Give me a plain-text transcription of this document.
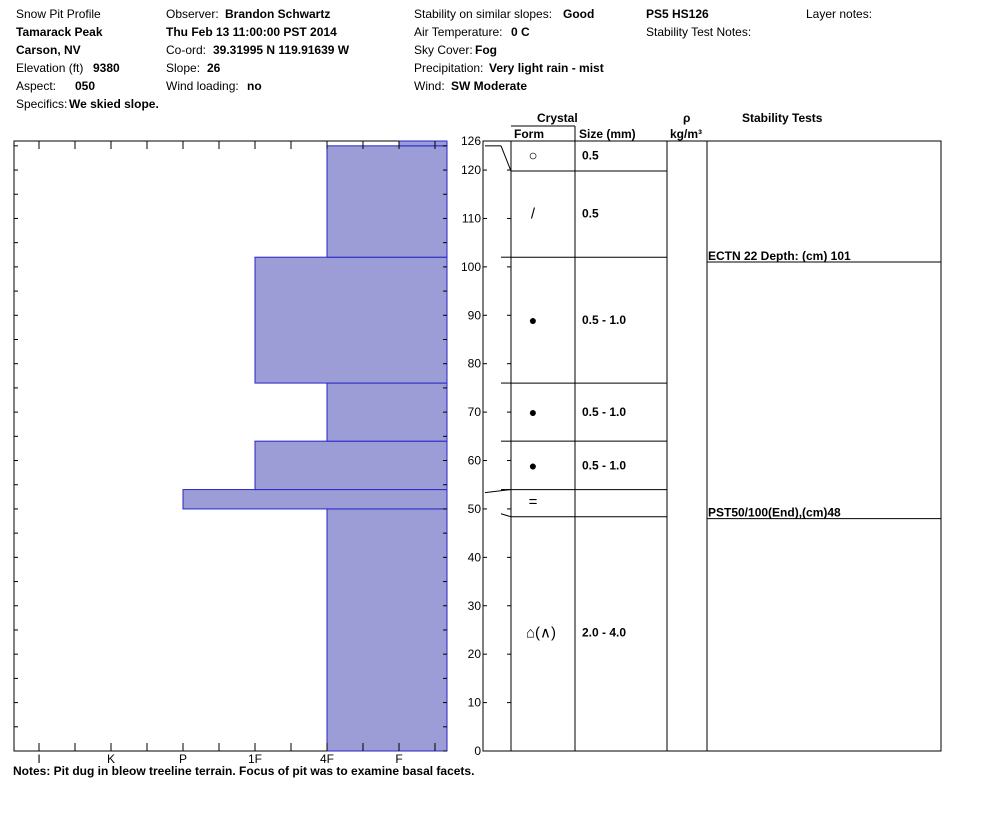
Snow Pit Profile
Tamarack Peak
Carson, NV
Elevation (ft) 9380
Aspect: 050
Specifics: We skied slope.
Observer: Brandon Schwartz
Thu Feb 13 11:00:00 PST 2014
Co-ord: 39.31995 N 119.91639 W
Slope: 26
Wind loading: no
Stability on similar slopes: Good
Air Temperature: 0 C
Sky Cover: Fog
Precipitation: Very light rain - mist
Wind: SW Moderate
PS5 HS126
Stability Test Notes:
Layer notes:
Crystal
Form	Size (mm)
ρ
kg/m³
Stability Tests
I	K	P	1F	4F	F
126
120
110
100
90
80
70
60
50
40
30
20
10
0
⌂(∧) 2.0 - 4.0
=
●	0.5 - 1.0
●	0.5 - 1.0
●	0.5 - 1.0
/	0.5
○	0.5
ECTN 22 Depth: (cm) 101
PST50/100(End),(cm)48
Notes: Pit dug in bleow treeline terrain. Focus of pit was to examine basal facets.
